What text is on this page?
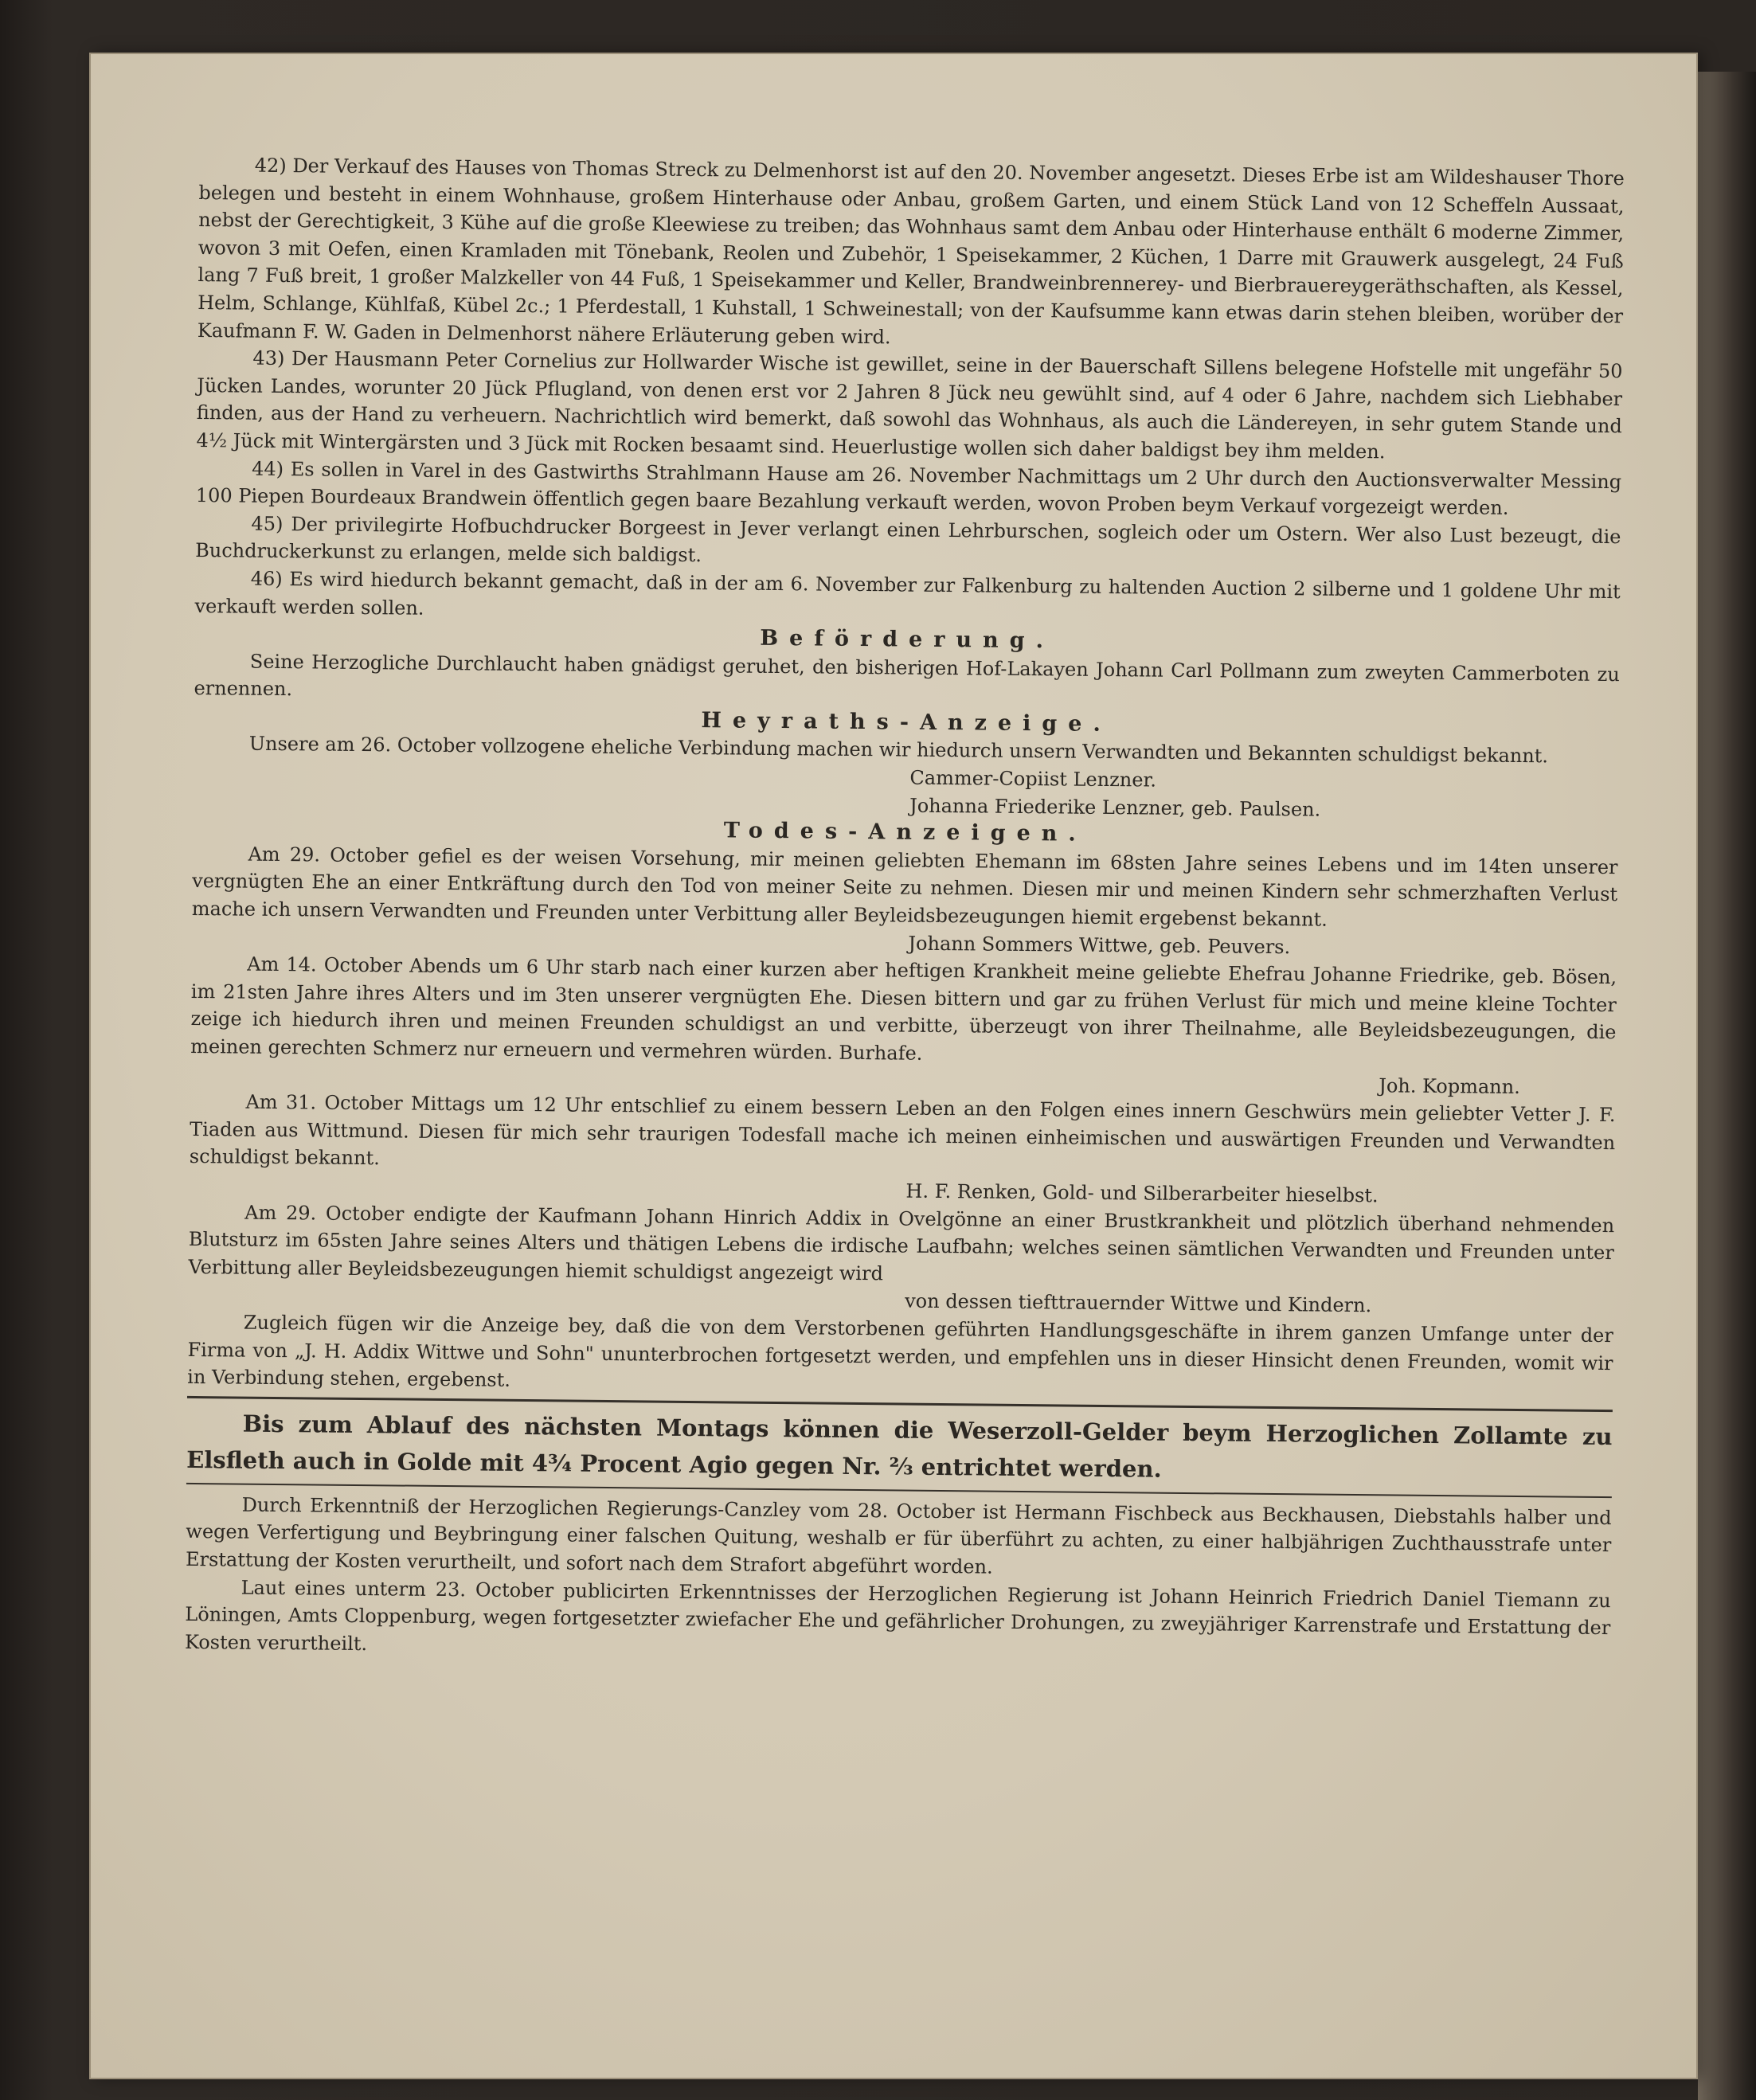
42) Der Verkauf des Hauses von Thomas Streck zu Delmenhorst ist auf den 20. November angesetzt. Dieses Erbe ist am Wildeshauser Thore belegen und besteht in einem Wohnhause, großem Hinterhause oder Anbau, großem Garten, und einem Stück Land von 12 Scheffeln Aussaat, nebst der Gerechtigkeit, 3 Kühe auf die große Kleewiese zu treiben; das Wohnhaus samt dem Anbau oder Hinterhause enthält 6 moderne Zimmer, wovon 3 mit Oefen, einen Kramladen mit Tönebank, Reolen und Zubehör, 1 Speisekammer, 2 Küchen, 1 Darre mit Grauwerk ausgelegt, 24 Fuß lang 7 Fuß breit, 1 großer Malzkeller von 44 Fuß, 1 Speisekammer und Keller, Brandweinbrennerey- und Bierbrauereygeräthschaften, als Kessel, Helm, Schlange, Kühlfaß, Kübel 2c.; 1 Pferdestall, 1 Kuhstall, 1 Schweinestall; von der Kaufsumme kann etwas darin stehen bleiben, worüber der Kaufmann F. W. Gaden in Delmenhorst nähere Erläuterung geben wird.

43) Der Hausmann Peter Cornelius zur Hollwarder Wische ist gewillet, seine in der Bauerschaft Sillens belegene Hofstelle mit ungefähr 50 Jücken Landes, worunter 20 Jück Pflugland, von denen erst vor 2 Jahren 8 Jück neu gewühlt sind, auf 4 oder 6 Jahre, nachdem sich Liebhaber finden, aus der Hand zu verheuern. Nachrichtlich wird bemerkt, daß sowohl das Wohnhaus, als auch die Ländereyen, in sehr gutem Stande und 4½ Jück mit Wintergärsten und 3 Jück mit Rocken besaamt sind. Heuerlustige wollen sich daher baldigst bey ihm melden.

44) Es sollen in Varel in des Gastwirths Strahlmann Hause am 26. November Nachmittags um 2 Uhr durch den Auctionsverwalter Messing 100 Piepen Bourdeaux Brandwein öffentlich gegen baare Bezahlung verkauft werden, wovon Proben beym Verkauf vorgezeigt werden.

45) Der privilegirte Hofbuchdrucker Borgeest in Jever verlangt einen Lehrburschen, sogleich oder um Ostern. Wer also Lust bezeugt, die Buchdruckerkunst zu erlangen, melde sich baldigst.

46) Es wird hiedurch bekannt gemacht, daß in der am 6. November zur Falkenburg zu haltenden Auction 2 silberne und 1 goldene Uhr mit verkauft werden sollen.

Beförderung.

Seine Herzogliche Durchlaucht haben gnädigst geruhet, den bisherigen Hof-Lakayen Johann Carl Pollmann zum zweyten Cammerboten zu ernennen.

Heyraths-Anzeige.

Unsere am 26. October vollzogene eheliche Verbindung machen wir hiedurch unsern Verwandten und Bekannten schuldigst bekannt.

Cammer-Copiist Lenzner.

Johanna Friederike Lenzner, geb. Paulsen.

Todes-Anzeigen.

Am 29. October gefiel es der weisen Vorsehung, mir meinen geliebten Ehemann im 68sten Jahre seines Lebens und im 14ten unserer vergnügten Ehe an einer Entkräftung durch den Tod von meiner Seite zu nehmen. Diesen mir und meinen Kindern sehr schmerzhaften Verlust mache ich unsern Verwandten und Freunden unter Verbittung aller Beyleidsbezeugungen hiemit ergebenst bekannt.

Johann Sommers Wittwe, geb. Peuvers.

Am 14. October Abends um 6 Uhr starb nach einer kurzen aber heftigen Krankheit meine geliebte Ehefrau Johanne Friedrike, geb. Bösen, im 21sten Jahre ihres Alters und im 3ten unserer vergnügten Ehe. Diesen bittern und gar zu frühen Verlust für mich und meine kleine Tochter zeige ich hiedurch ihren und meinen Freunden schuldigst an und verbitte, überzeugt von ihrer Theilnahme, alle Beyleidsbezeugungen, die meinen gerechten Schmerz nur erneuern und vermehren würden. Burhafe.

Joh. Kopmann.

Am 31. October Mittags um 12 Uhr entschlief zu einem bessern Leben an den Folgen eines innern Geschwürs mein geliebter Vetter J. F. Tiaden aus Wittmund. Diesen für mich sehr traurigen Todesfall mache ich meinen einheimischen und auswärtigen Freunden und Verwandten schuldigst bekannt.

H. F. Renken, Gold- und Silberarbeiter hieselbst.

Am 29. October endigte der Kaufmann Johann Hinrich Addix in Ovelgönne an einer Brustkrankheit und plötzlich überhand nehmenden Blutsturz im 65sten Jahre seines Alters und thätigen Lebens die irdische Laufbahn; welches seinen sämtlichen Verwandten und Freunden unter Verbittung aller Beyleidsbezeugungen hiemit schuldigst angezeigt wird

von dessen tiefttrauernder Wittwe und Kindern.

Zugleich fügen wir die Anzeige bey, daß die von dem Verstorbenen geführten Handlungsgeschäfte in ihrem ganzen Umfange unter der Firma von „J. H. Addix Wittwe und Sohn" ununterbrochen fortgesetzt werden, und empfehlen uns in dieser Hinsicht denen Freunden, womit wir in Verbindung stehen, ergebenst.

Bis zum Ablauf des nächsten Montags können die Weserzoll-Gelder beym Herzoglichen Zollamte zu Elsfleth auch in Golde mit 4¾ Procent Agio gegen Nr. ⅔ entrichtet werden.

Durch Erkenntniß der Herzoglichen Regierungs-Canzley vom 28. October ist Hermann Fischbeck aus Beckhausen, Diebstahls halber und wegen Verfertigung und Beybringung einer falschen Quitung, weshalb er für überführt zu achten, zu einer halbjährigen Zuchthausstrafe unter Erstattung der Kosten verurtheilt, und sofort nach dem Strafort abgeführt worden.

Laut eines unterm 23. October publicirten Erkenntnisses der Herzoglichen Regierung ist Johann Heinrich Friedrich Daniel Tiemann zu Löningen, Amts Cloppenburg, wegen fortgesetzter zwiefacher Ehe und gefährlicher Drohungen, zu zweyjähriger Karrenstrafe und Erstattung der Kosten verurtheilt.
